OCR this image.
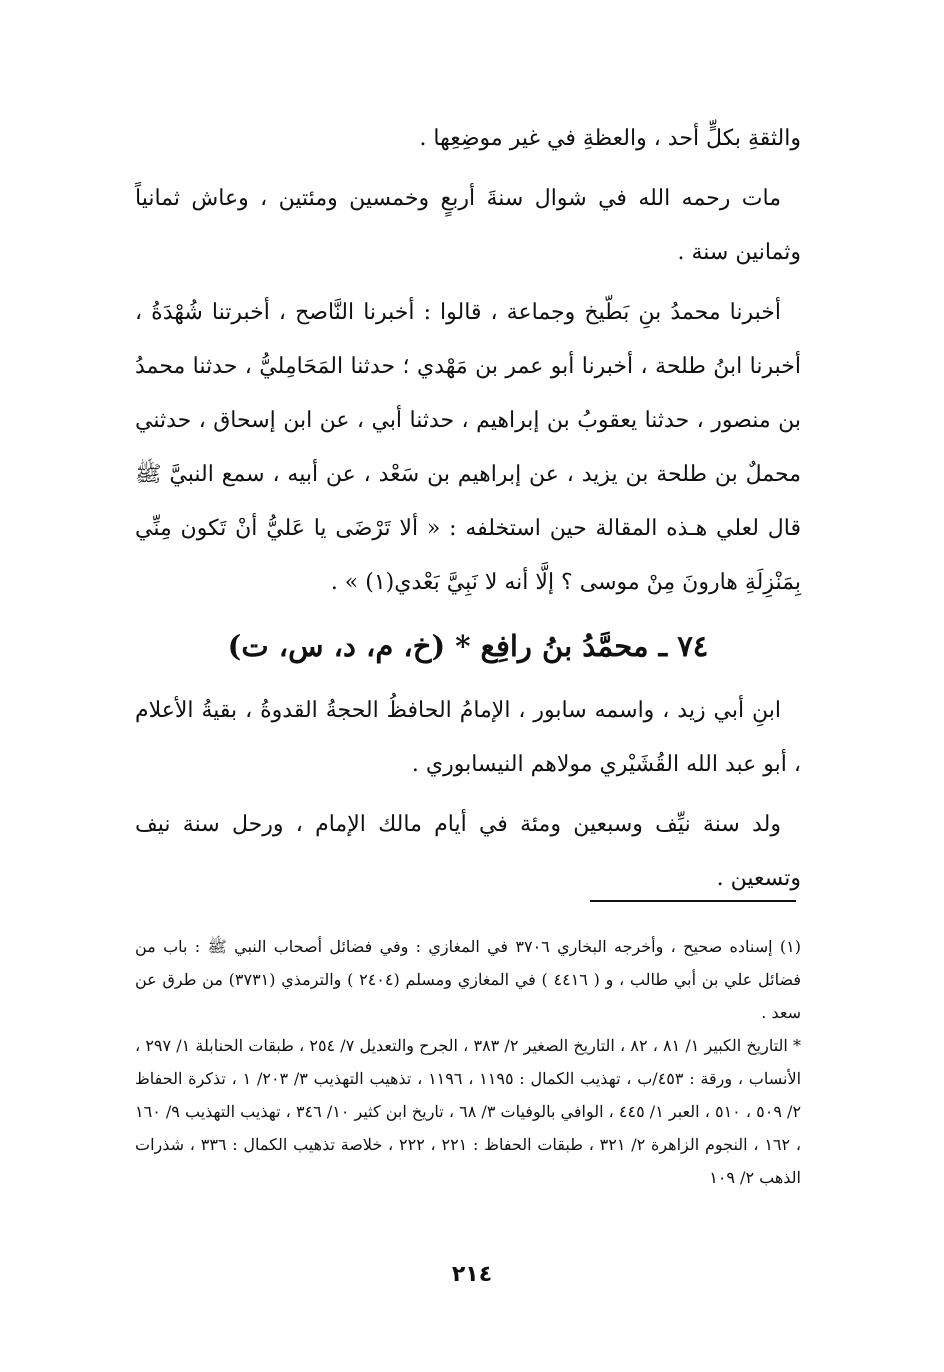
والثقةِ بكلٍّ أحد ، والعظةِ في غير موضِعِها .

مات رحمه الله في شوال سنةَ أربعٍ وخمسين ومئتين ، وعاش ثمانياً وثمانين سنة .

أخبرنا محمدُ بنِ بَطّيخ وجماعة ، قالوا : أخبرنا النَّاصح ، أخبرتنا شُهْدَةُ ، أخبرنا ابنُ طلحة ، أخبرنا أبو عمر بن مَهْدي ؛ حدثنا المَحَامِليُّ ، حدثنا محمدُ بن منصور ، حدثنا يعقوبُ بن إبراهيم ، حدثنا أبي ، عن ابن إسحاق ، حدثني محملٌ بن طلحة بن يزيد ، عن إبراهيم بن سَعْد ، عن أبيه ، سمع النبيَّ ﷺ قال لعلي هـذه المقالة حين استخلفه : « ألا تَرْضَى يا عَليُّ أنْ تَكون مِنِّي بِمَنْزِلَةِ هارونَ مِنْ موسى ؟ إلَّا أنه لا نَبِيَّ بَعْدي(١) » .

٧٤ ـ محمَّدُ بنُ رافِع * (خ، م، د، س، ت)

ابنِ أبي زيد ، واسمه سابور ، الإمامُ الحافظُ الحجةُ القدوةُ ، بقيةُ الأعلام ، أبو عبد الله القُشَيْري مولاهم النيسابوري .

ولد سنة نيِّف وسبعين ومئة في أيام مالك الإمام ، ورحل سنة نيف وتسعين .

(١) إسناده صحيح ، وأخرجه البخاري ٣٧٠٦ في المغازي : وفي فضائل أصحاب النبي ﷺ : باب من فضائل علي بن أبي طالب ، و ( ٤٤١٦ ) في المغازي ومسلم (٢٤٠٤ ) والترمذي (٣٧٣١) من طرق عن سعد .

* التاريخ الكبير ١/ ٨١ ، ٨٢ ، التاريخ الصغير ٢/ ٣٨٣ ، الجرح والتعديل ٧/ ٢٥٤ ، طبقات الحنابلة ١/ ٢٩٧ ، الأنساب ، ورقة : ٤٥٣/ب ، تهذيب الكمال : ١١٩٥ ، ١١٩٦ ، تذهيب التهذيب ٣/ ٢٠٣/ ١ ، تذكرة الحفاظ ٢/ ٥٠٩ ، ٥١٠ ، العبر ١/ ٤٤٥ ، الوافي بالوفيات ٣/ ٦٨ ، تاريخ ابن كثير ١٠/ ٣٤٦ ، تهذيب التهذيب ٩/ ١٦٠ ، ١٦٢ ، النجوم الزاهرة ٢/ ٣٢١ ، طبقات الحفاظ : ٢٢١ ، ٢٢٢ ، خلاصة تذهيب الكمال : ٣٣٦ ، شذرات الذهب ٢/ ١٠٩

٢١٤
